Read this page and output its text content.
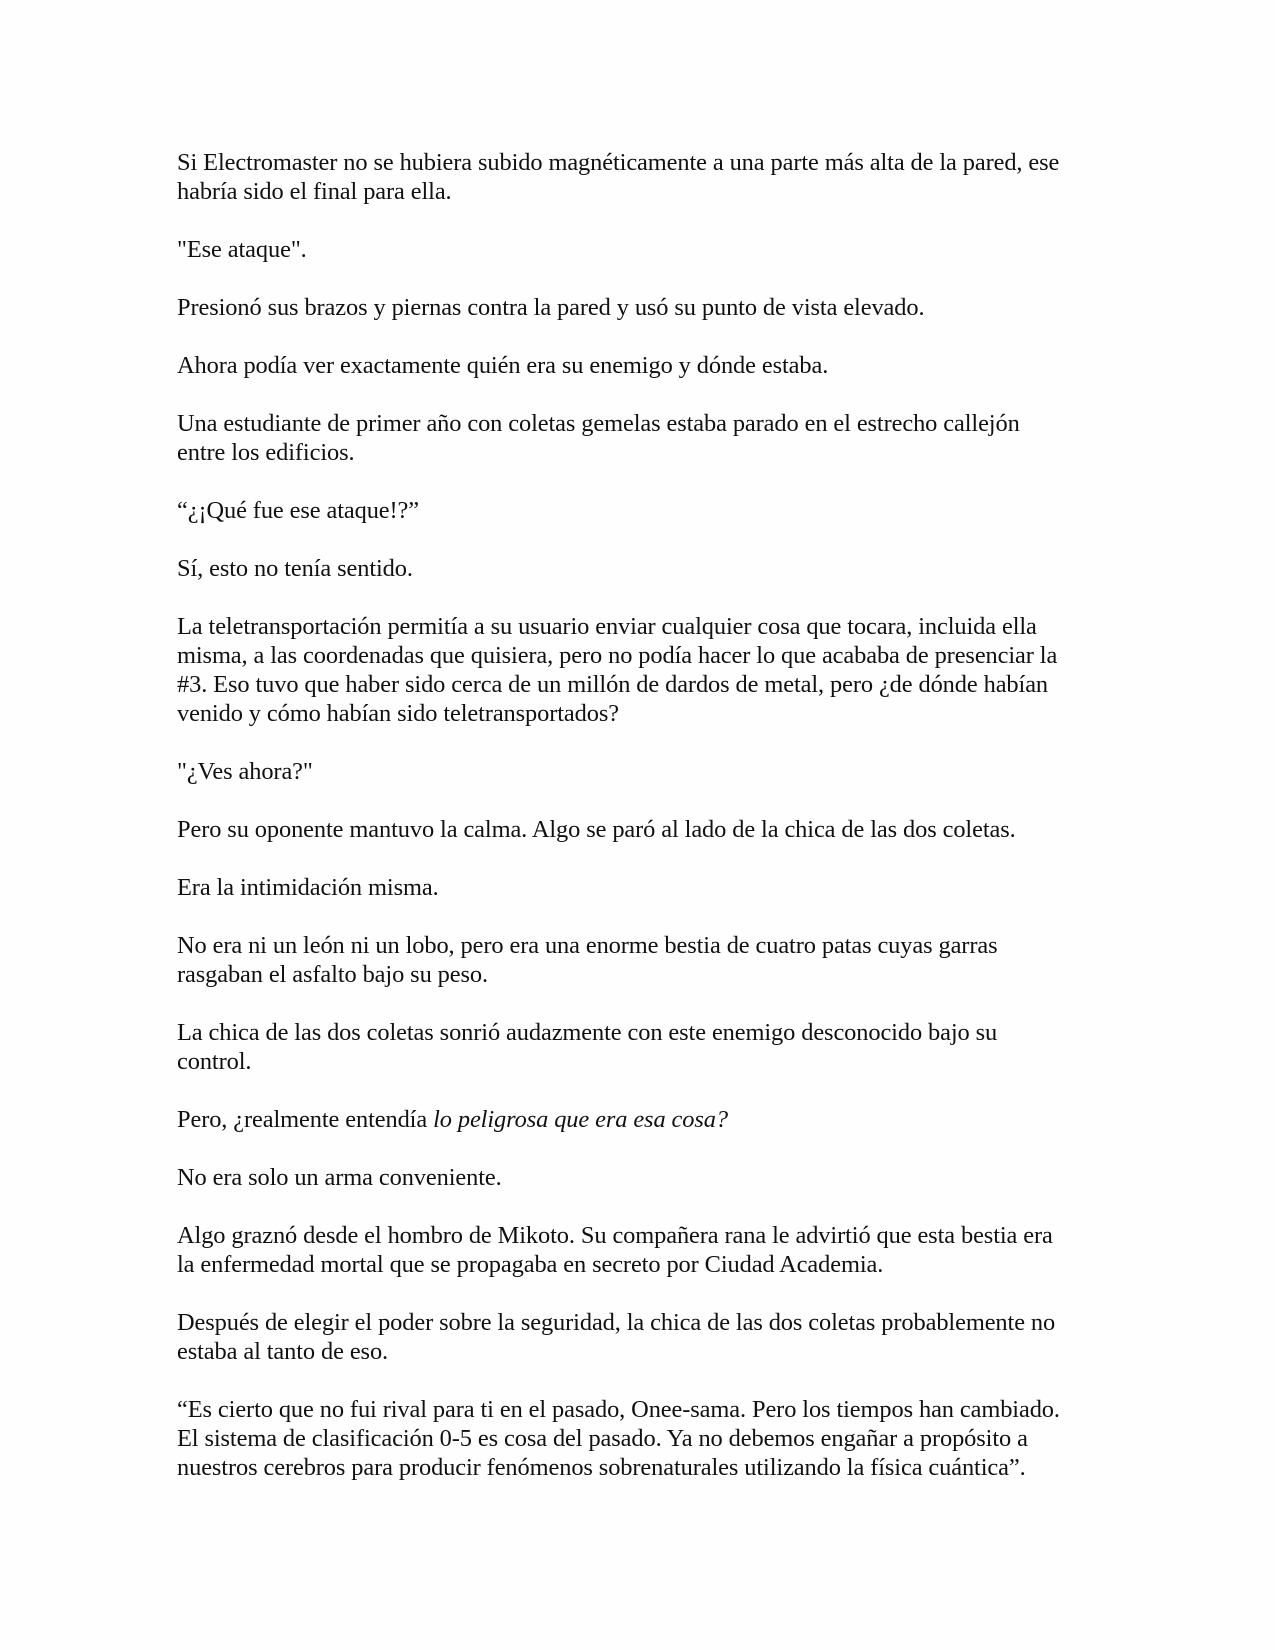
Si Electromaster no se hubiera subido magnéticamente a una parte más alta de la pared, ese
habría sido el final para ella.
"Ese ataque".
Presionó sus brazos y piernas contra la pared y usó su punto de vista elevado.
Ahora podía ver exactamente quién era su enemigo y dónde estaba.
Una estudiante de primer año con coletas gemelas estaba parado en el estrecho callejón
entre los edificios.
“¿¡Qué fue ese ataque!?”
Sí, esto no tenía sentido.
La teletransportación permitía a su usuario enviar cualquier cosa que tocara, incluida ella
misma, a las coordenadas que quisiera, pero no podía hacer lo que acababa de presenciar la
#3. Eso tuvo que haber sido cerca de un millón de dardos de metal, pero ¿de dónde habían
venido y cómo habían sido teletransportados?
"¿Ves ahora?"
Pero su oponente mantuvo la calma. Algo se paró al lado de la chica de las dos coletas.
Era la intimidación misma.
No era ni un león ni un lobo, pero era una enorme bestia de cuatro patas cuyas garras
rasgaban el asfalto bajo su peso.
La chica de las dos coletas sonrió audazmente con este enemigo desconocido bajo su
control.
Pero, ¿realmente entendía lo peligrosa que era esa cosa?
No era solo un arma conveniente.
Algo graznó desde el hombro de Mikoto. Su compañera rana le advirtió que esta bestia era
la enfermedad mortal que se propagaba en secreto por Ciudad Academia.
Después de elegir el poder sobre la seguridad, la chica de las dos coletas probablemente no
estaba al tanto de eso.
“Es cierto que no fui rival para ti en el pasado, Onee-sama. Pero los tiempos han cambiado.
El sistema de clasificación 0-5 es cosa del pasado. Ya no debemos engañar a propósito a
nuestros cerebros para producir fenómenos sobrenaturales utilizando la física cuántica”.
